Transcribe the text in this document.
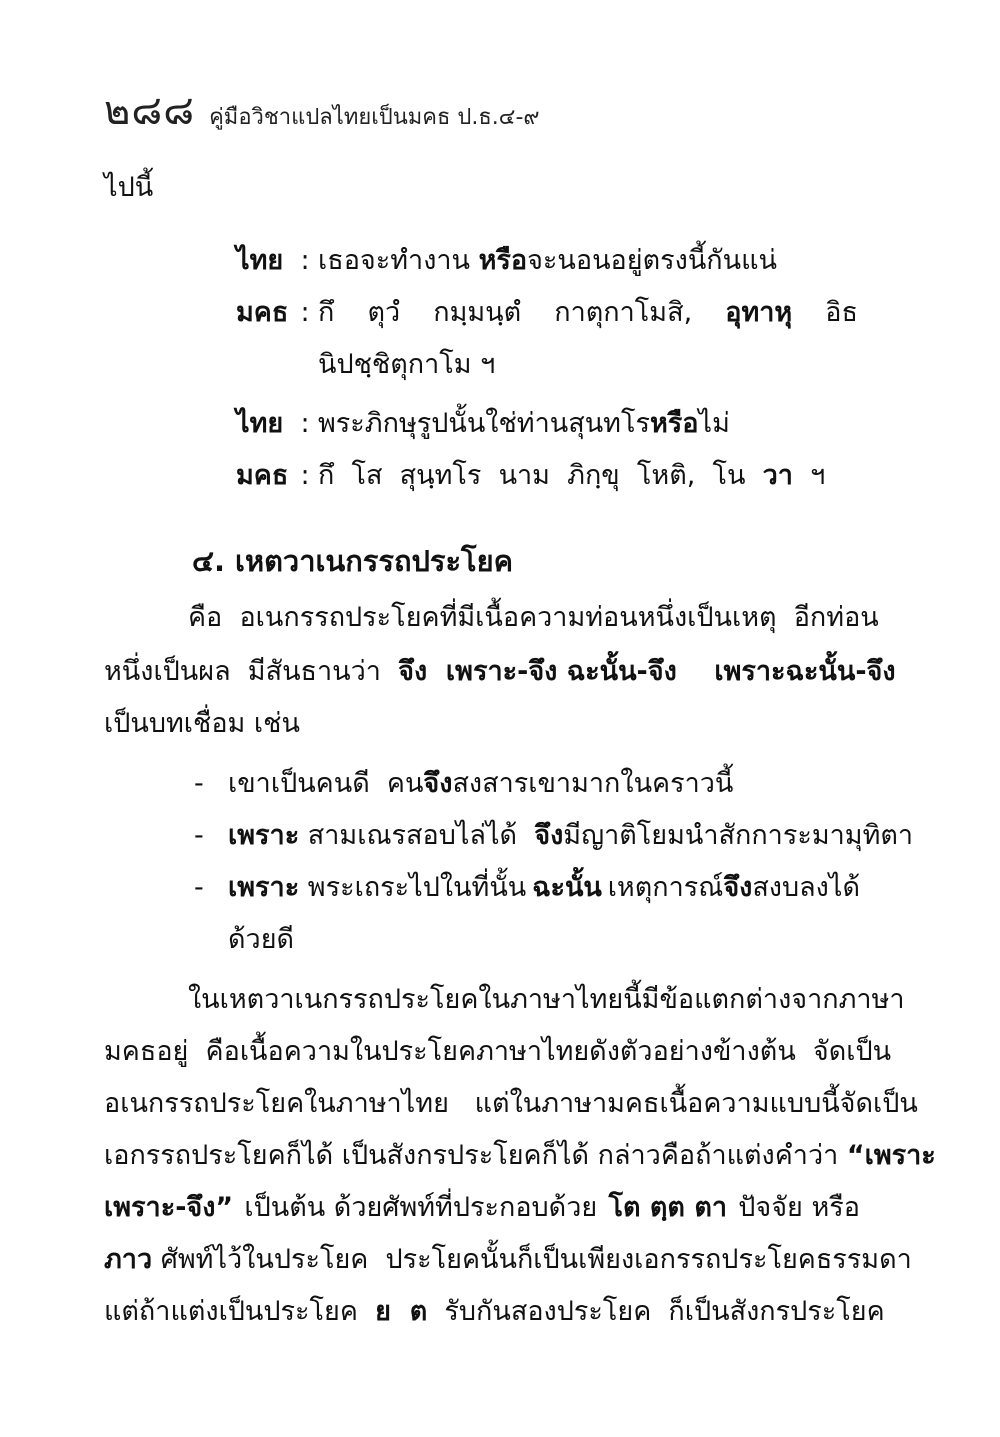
๒๘๘ คู่มือวิชาแปลไทยเป็นมคธ ป.ธ.๔-๙
ไปนี้
ไทย : เธอจะทำงาน หรือจะนอนอยู่ตรงนี้กันแน่
มคธ : กึ ตุวํ กมฺมนฺตํ กาตุกาโมสิ, อุทาหุ อิธ
นิปชฺชิตุกาโม ฯ
ไทย : พระภิกษุรูปนั้นใช่ท่านสุนทโรหรือไม่
มคธ : กึ  โส  สุนฺทโร  นาม  ภิกฺขุ  โหติ,  โน  วา  ฯ
๔. เหตวาเนกรรถประโยค
คือ  อเนกรรถประโยคที่มีเนื้อความท่อนหนึ่งเป็นเหตุ  อีกท่อน
หนึ่งเป็นผล  มีสันธานว่า  จึง  เพราะ-จึง ฉะนั้น-จึง    เพราะฉะนั้น-จึง
เป็นบทเชื่อม เช่น
- เขาเป็นคนดี  คนจึงสงสารเขามากในคราวนี้
- เพราะ สามเณรสอบไล่ได้  จึงมีญาติโยมนำสักการะมามุทิตา
- เพราะ พระเถระไปในที่นั้น ฉะนั้น เหตุการณ์จึงสงบลงได้
ด้วยดี
ในเหตวาเนกรรถประโยคในภาษาไทยนี้มีข้อแตกต่างจากภาษา
มคธอยู่  คือเนื้อความในประโยคภาษาไทยดังตัวอย่างข้างต้น  จัดเป็น
อเนกรรถประโยคในภาษาไทย   แต่ในภาษามคธเนื้อความแบบนี้จัดเป็น
เอกรรถประโยคก็ได้ เป็นสังกรประโยคก็ได้ กล่าวคือถ้าแต่งคำว่า “เพราะ
เพราะ-จึง” เป็นต้น ด้วยศัพท์ที่ประกอบด้วย โต ตฺต ตา ปัจจัย หรือ
ภาว ศัพท์ไว้ในประโยค  ประโยคนั้นก็เป็นเพียงเอกรรถประโยคธรรมดา
แต่ถ้าแต่งเป็นประโยค  ย  ต  รับกันสองประโยค  ก็เป็นสังกรประโยค
